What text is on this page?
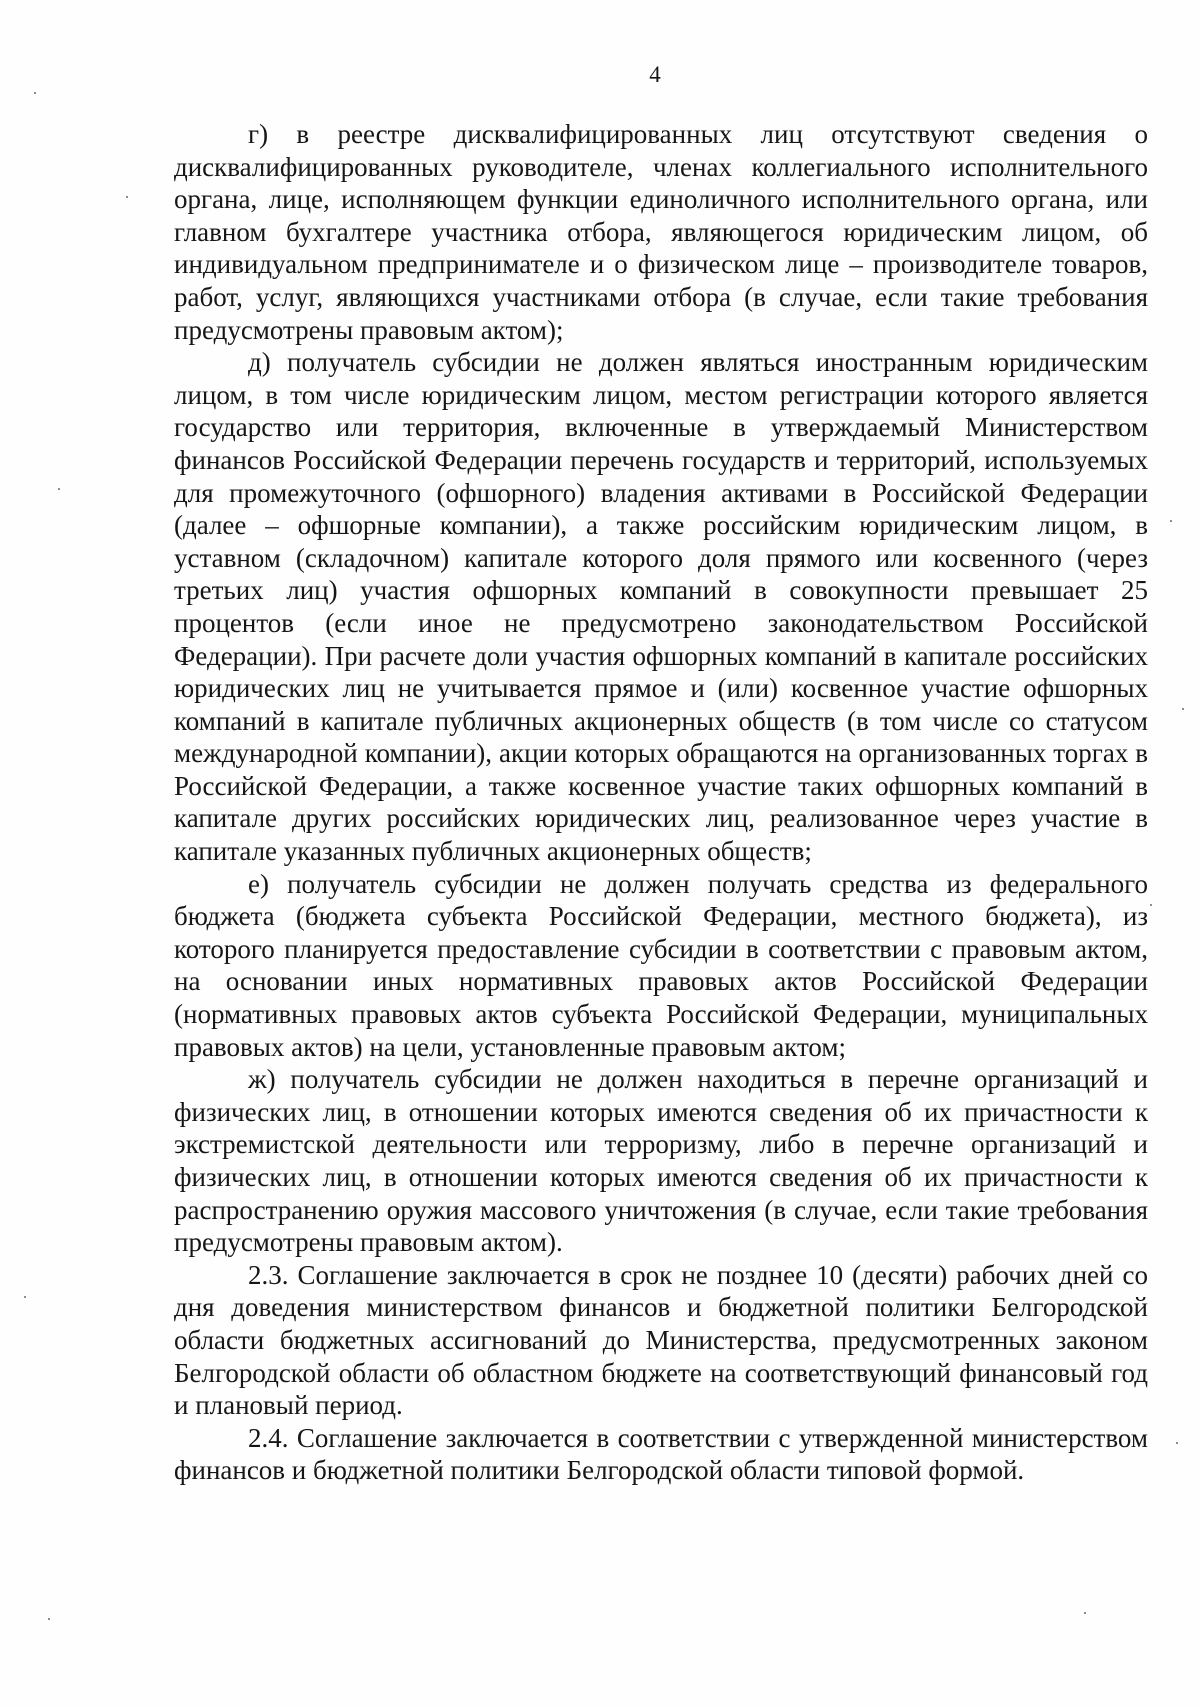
4

г) в реестре дисквалифицированных лиц отсутствуют сведения о дисквалифицированных руководителе, членах коллегиального исполнительного органа, лице, исполняющем функции единоличного исполнительного органа, или главном бухгалтере участника отбора, являющегося юридическим лицом, об индивидуальном предпринимателе и о физическом лице – производителе товаров, работ, услуг, являющихся участниками отбора (в случае, если такие требования предусмотрены правовым актом);

д) получатель субсидии не должен являться иностранным юридическим лицом, в том числе юридическим лицом, местом регистрации которого является государство или территория, включенные в утверждаемый Министерством финансов Российской Федерации перечень государств и территорий, используемых для промежуточного (офшорного) владения активами в Российской Федерации (далее – офшорные компании), а также российским юридическим лицом, в уставном (складочном) капитале которого доля прямого или косвенного (через третьих лиц) участия офшорных компаний в совокупности превышает 25 процентов (если иное не предусмотрено законодательством Российской Федерации). При расчете доли участия офшорных компаний в капитале российских юридических лиц не учитывается прямое и (или) косвенное участие офшорных компаний в капитале публичных акционерных обществ (в том числе со статусом международной компании), акции которых обращаются на организованных торгах в Российской Федерации, а также косвенное участие таких офшорных компаний в капитале других российских юридических лиц, реализованное через участие в капитале указанных публичных акционерных обществ;

е) получатель субсидии не должен получать средства из федерального бюджета (бюджета субъекта Российской Федерации, местного бюджета), из которого планируется предоставление субсидии в соответствии с правовым актом, на основании иных нормативных правовых актов Российской Федерации (нормативных правовых актов субъекта Российской Федерации, муниципальных правовых актов) на цели, установленные правовым актом;

ж) получатель субсидии не должен находиться в перечне организаций и физических лиц, в отношении которых имеются сведения об их причастности к экстремистской деятельности или терроризму, либо в перечне организаций и физических лиц, в отношении которых имеются сведения об их причастности к распространению оружия массового уничтожения (в случае, если такие требования предусмотрены правовым актом).

2.3. Соглашение заключается в срок не позднее 10 (десяти) рабочих дней со дня доведения министерством финансов и бюджетной политики Белгородской области бюджетных ассигнований до Министерства, предусмотренных законом Белгородской области об областном бюджете на соответствующий финансовый год и плановый период.

2.4. Соглашение заключается в соответствии с утвержденной министерством финансов и бюджетной политики Белгородской области типовой формой.
